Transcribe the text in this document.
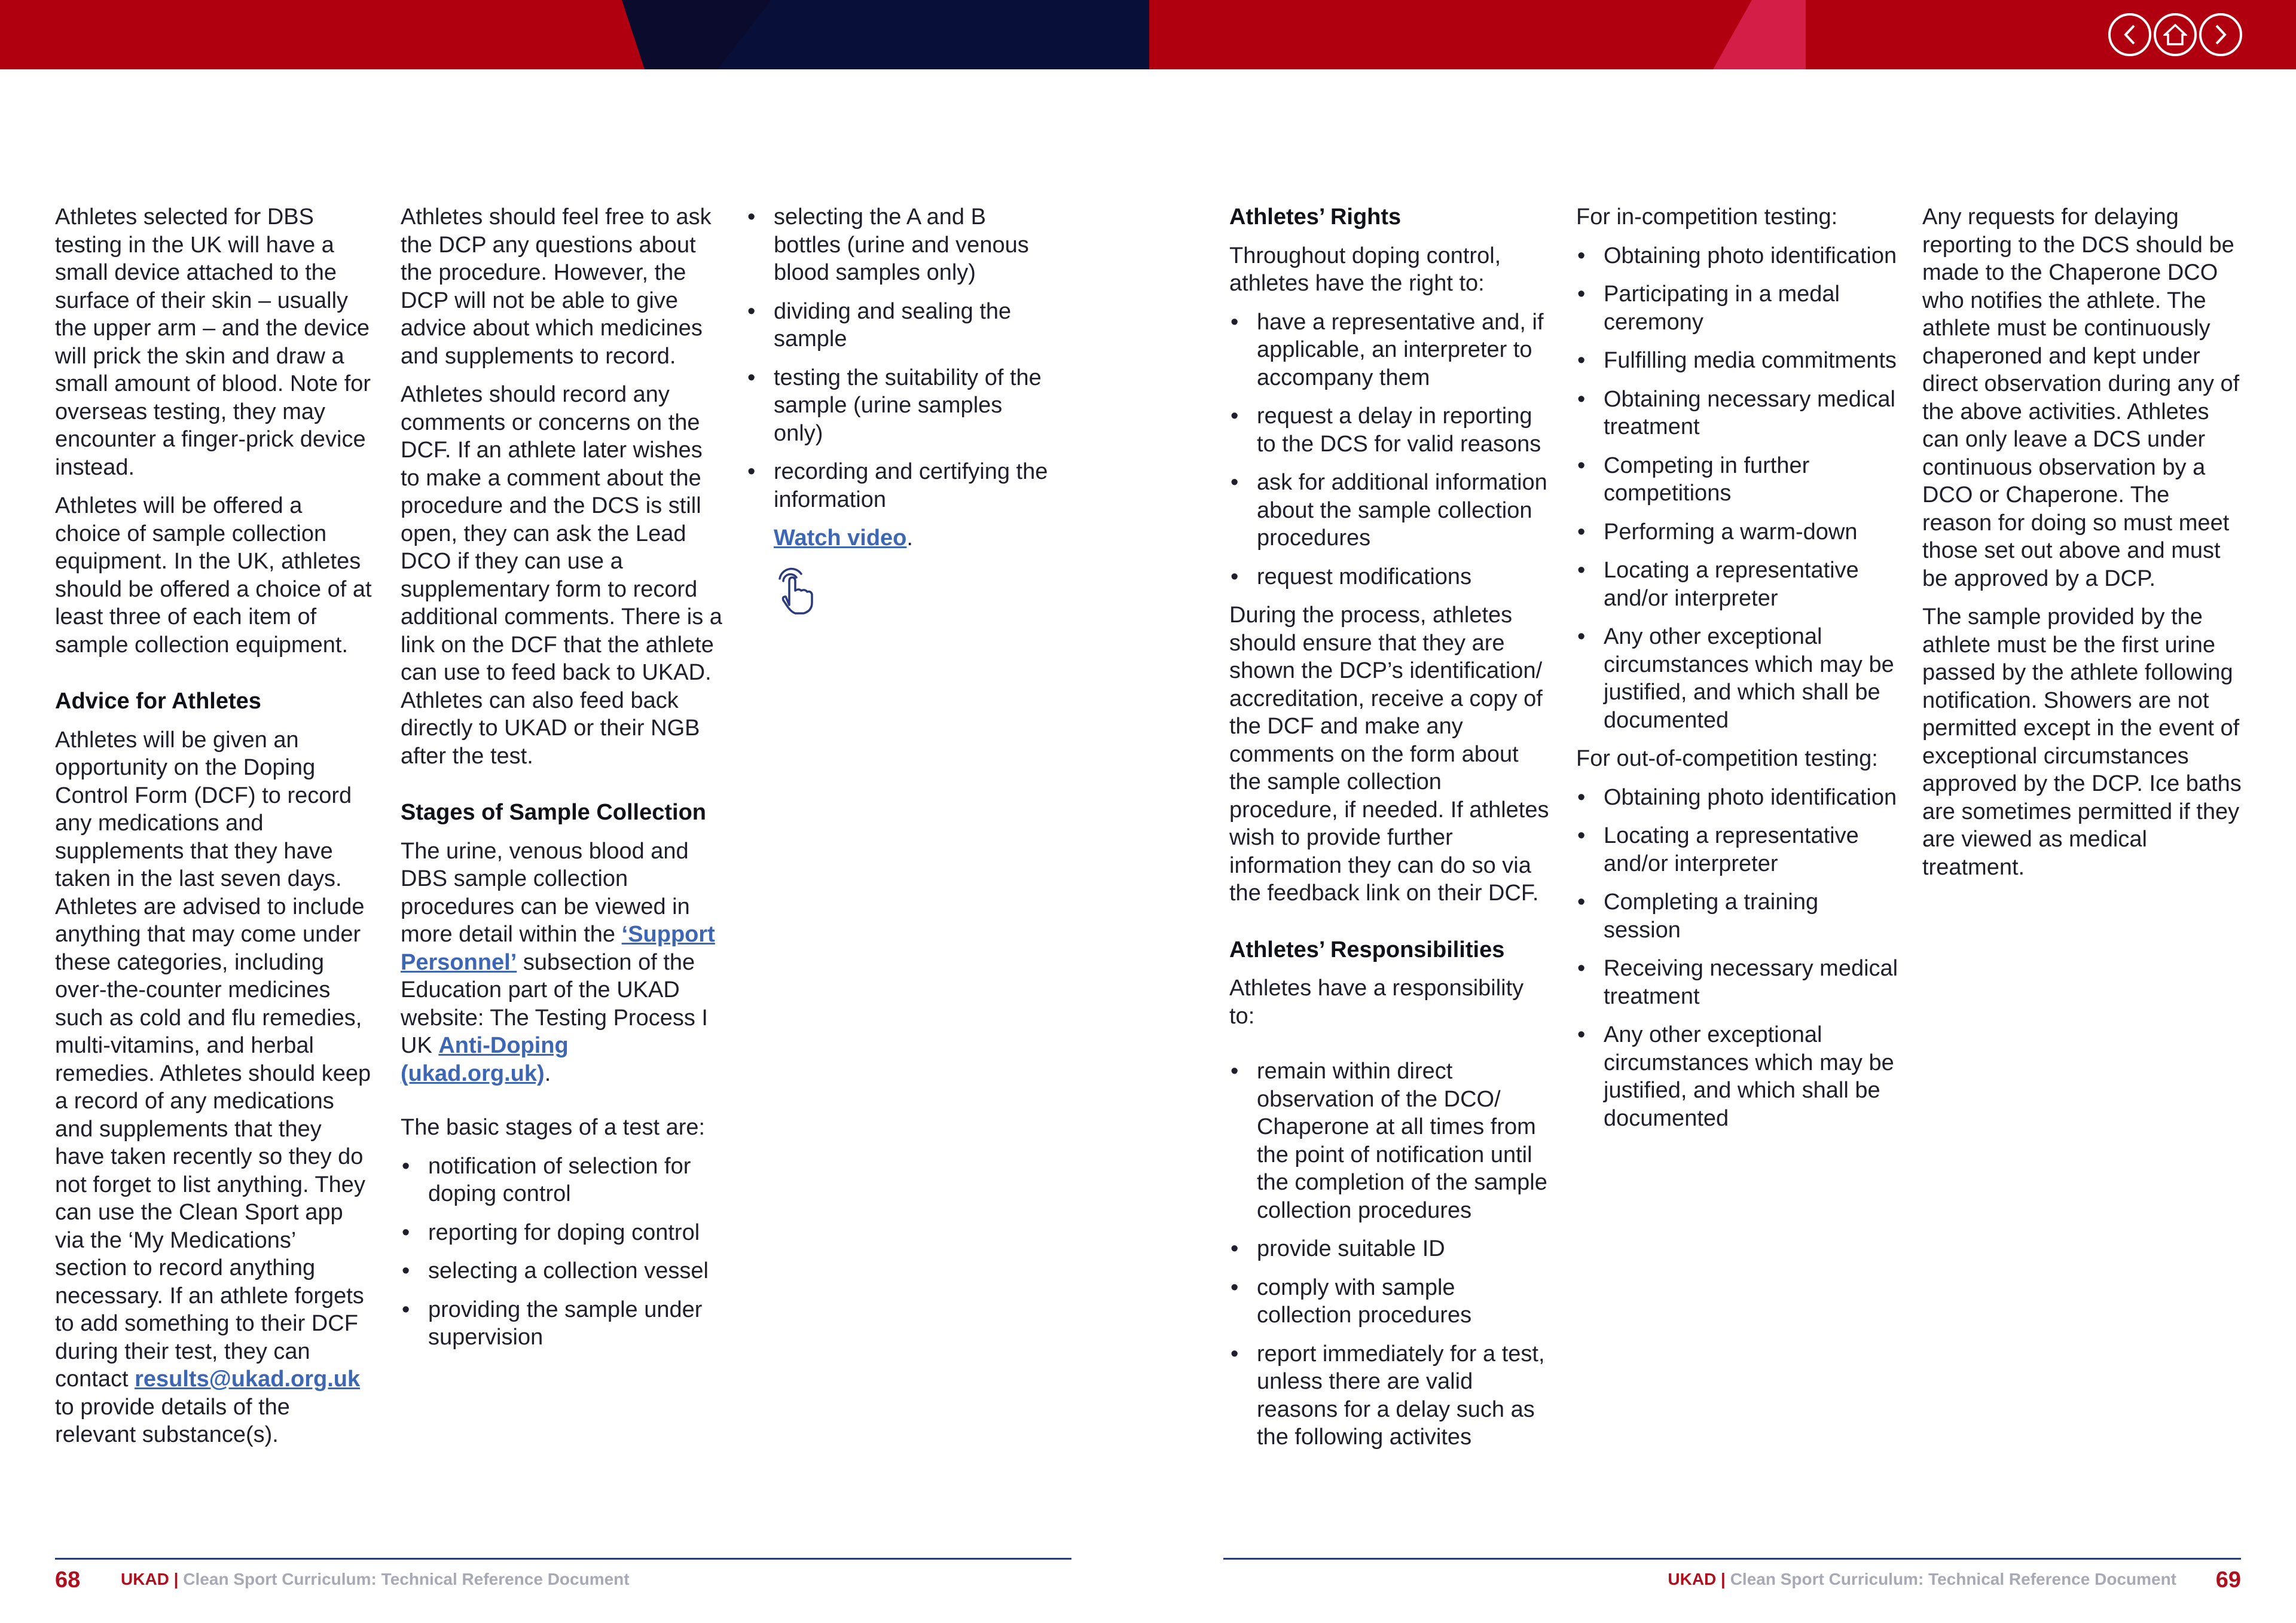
Athletes selected for DBS testing in the UK will have a small device attached to the surface of their skin – usually the upper arm – and the device will prick the skin and draw a small amount of blood. Note for overseas testing, they may encounter a finger-prick device instead.

Athletes will be offered a choice of sample collection equipment. In the UK, athletes should be offered a choice of at least three of each item of sample collection equipment.

Advice for Athletes

Athletes will be given an opportunity on the Doping Control Form (DCF) to record any medications and supplements that they have taken in the last seven days. Athletes are advised to include anything that may come under these categories, including over-the-counter medicines such as cold and flu remedies, multi-vitamins, and herbal remedies. Athletes should keep a record of any medications and supplements that they have taken recently so they do not forget to list anything. They can use the Clean Sport app via the ‘My Medications’ section to record anything necessary. If an athlete forgets to add something to their DCF during their test, they can contact results@ukad.org.uk to provide details of the relevant substance(s).

Athletes should feel free to ask the DCP any questions about the procedure. However, the DCP will not be able to give advice about which medicines and supplements to record.

Athletes should record any comments or concerns on the DCF. If an athlete later wishes to make a comment about the procedure and the DCS is still open, they can ask the Lead DCO if they can use a supplementary form to record additional comments. There is a link on the DCF that the athlete can use to feed back to UKAD. Athletes can also feed back directly to UKAD or their NGB after the test.

Stages of Sample Collection

The urine, venous blood and DBS sample collection procedures can be viewed in more detail within the ‘Support Personnel’ subsection of the Education part of the UKAD website: The Testing Process I UK Anti-Doping (ukad.org.uk).

The basic stages of a test are:

• notification of selection for doping control
• reporting for doping control
• selecting a collection vessel
• providing the sample under supervision
• selecting the A and B bottles (urine and venous blood samples only)
• dividing and sealing the sample
• testing the suitability of the sample (urine samples only)
• recording and certifying the information

Watch video.

Athletes’ Rights

Throughout doping control, athletes have the right to:

• have a representative and, if applicable, an interpreter to accompany them
• request a delay in reporting to the DCS for valid reasons
• ask for additional information about the sample collection procedures
• request modifications

During the process, athletes should ensure that they are shown the DCP’s identification/ accreditation, receive a copy of the DCF and make any comments on the form about the sample collection procedure, if needed. If athletes wish to provide further information they can do so via the feedback link on their DCF.

Athletes’ Responsibilities

Athletes have a responsibility to:

• remain within direct observation of the DCO/ Chaperone at all times from the point of notification until the completion of the sample collection procedures
• provide suitable ID
• comply with sample collection procedures
• report immediately for a test, unless there are valid reasons for a delay such as the following activites

For in-competition testing:

• Obtaining photo identification
• Participating in a medal ceremony
• Fulfilling media commitments
• Obtaining necessary medical treatment
• Competing in further competitions
• Performing a warm-down
• Locating a representative and/or interpreter
• Any other exceptional circumstances which may be justified, and which shall be documented

For out-of-competition testing:

• Obtaining photo identification
• Locating a representative and/or interpreter
• Completing a training session
• Receiving necessary medical treatment
• Any other exceptional circumstances which may be justified, and which shall be documented

Any requests for delaying reporting to the DCS should be made to the Chaperone DCO who notifies the athlete. The athlete must be continuously chaperoned and kept under direct observation during any of the above activities. Athletes can only leave a DCS under continuous observation by a DCO or Chaperone. The reason for doing so must meet those set out above and must be approved by a DCP.

The sample provided by the athlete must be the first urine passed by the athlete following notification. Showers are not permitted except in the event of exceptional circumstances approved by the DCP. Ice baths are sometimes permitted if they are viewed as medical treatment.

68 UKAD | Clean Sport Curriculum: Technical Reference Document	UKAD | Clean Sport Curriculum: Technical Reference Document 69
